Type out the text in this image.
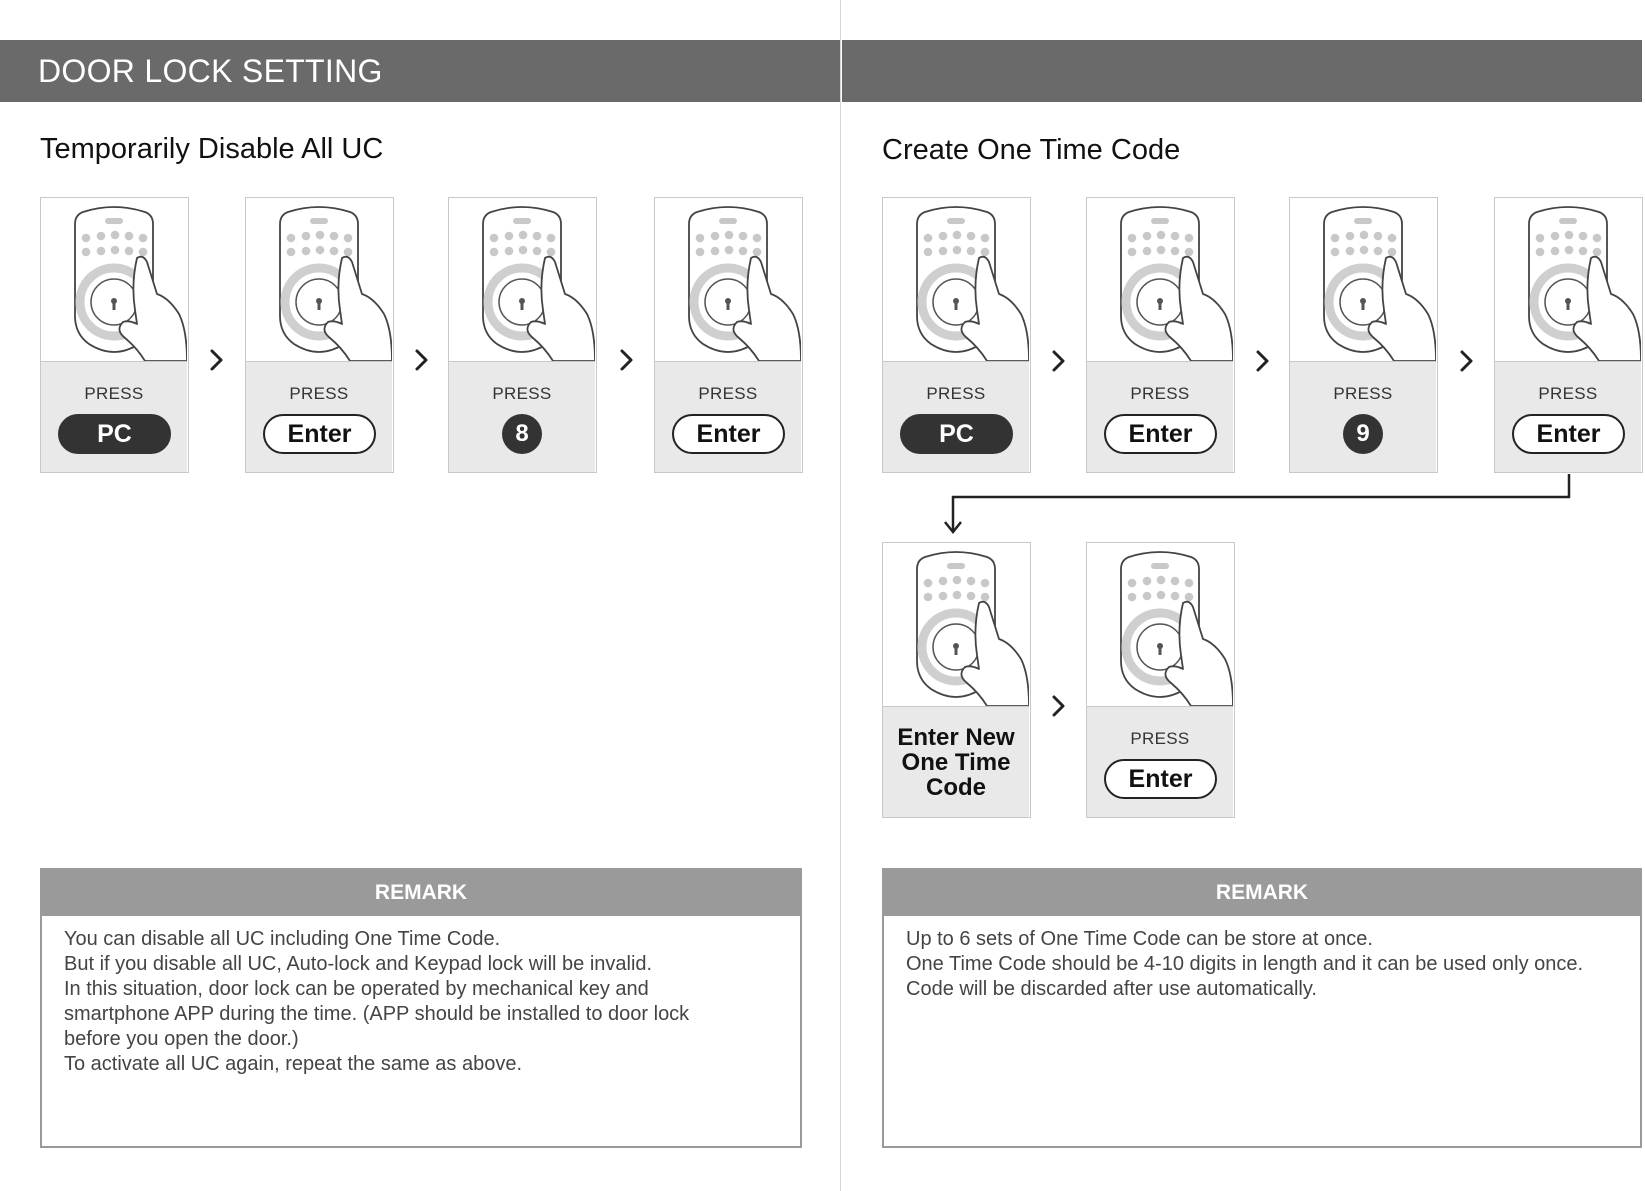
DOOR LOCK SETTING
Temporarily Disable All UC	Create One Time Code
PRESS
PC
PRESS
Enter
PRESS
8
PRESS
Enter
PRESS
PC
PRESS
Enter
PRESS
9
PRESS
Enter
Enter New One Time Code
PRESS
Enter
REMARK
You can disable all UC including One Time Code.
But if you disable all UC, Auto-lock and Keypad lock will be invalid.
In this situation, door lock can be operated by mechanical key and
smartphone APP during the time. (APP should be installed to door lock
before you open the door.)
To activate all UC again, repeat the same as above.
REMARK
Up to 6 sets of One Time Code can be store at once.
One Time Code should be 4-10 digits in length and it can be used only once.
Code will be discarded after use automatically.
